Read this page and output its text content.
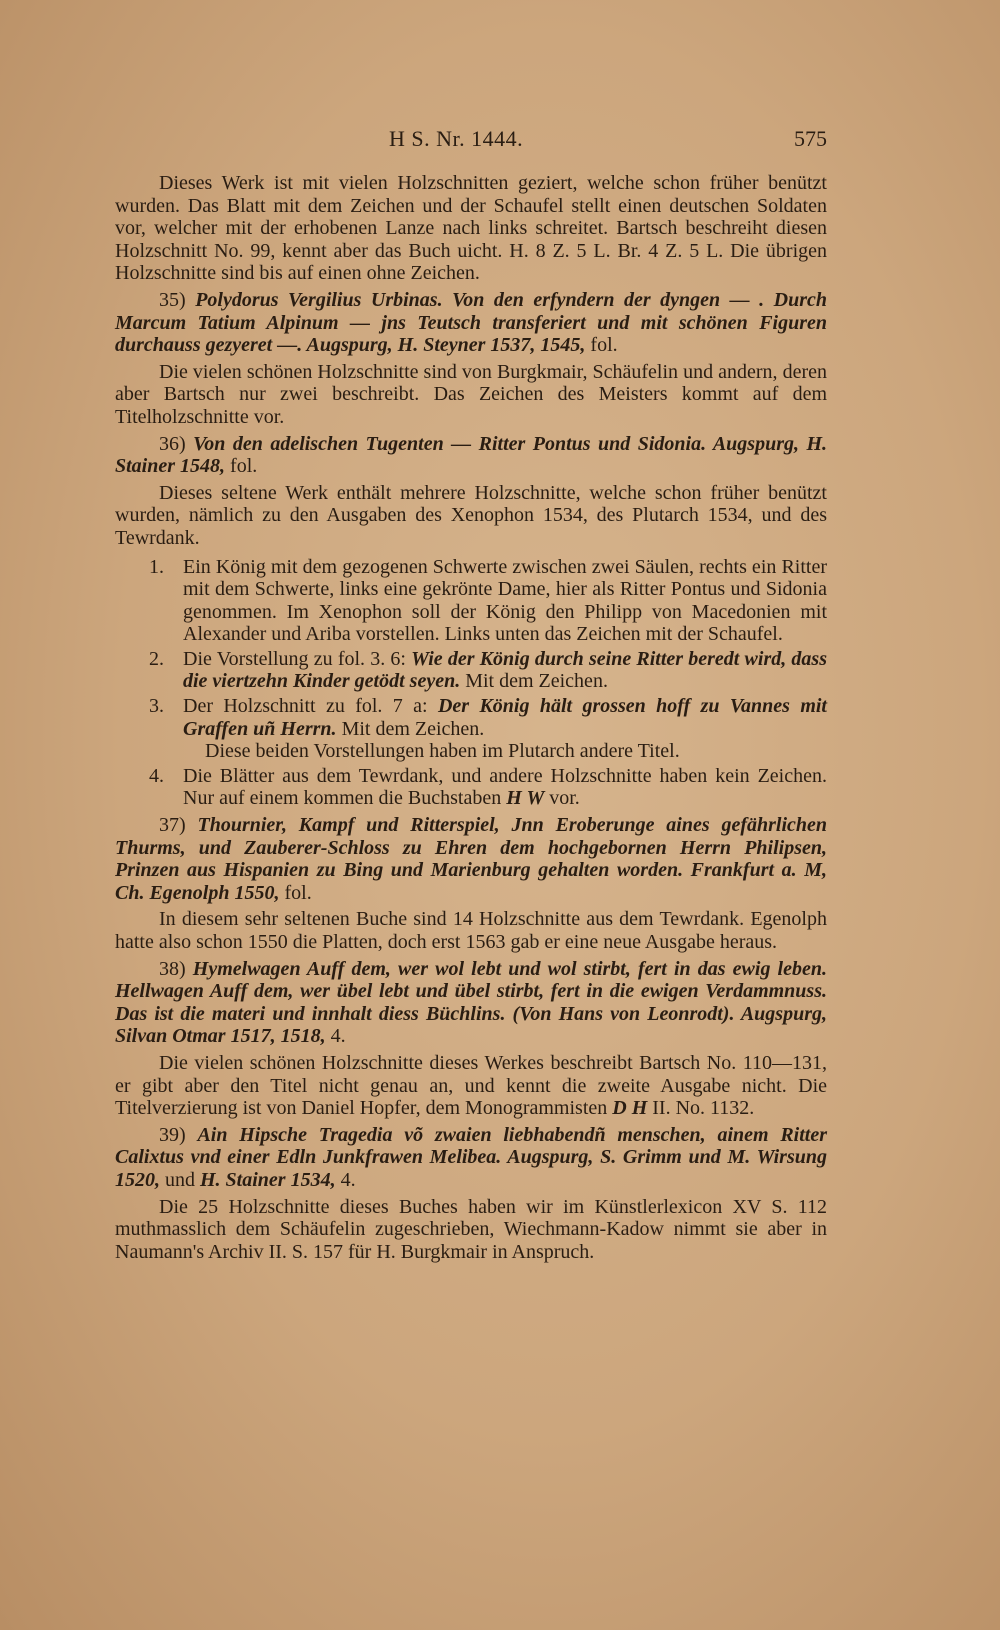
H S. Nr. 1444.	575

Dieses Werk ist mit vielen Holzschnitten geziert, welche schon früher benützt wurden. Das Blatt mit dem Zeichen und der Schaufel stellt einen deutschen Soldaten vor, welcher mit der erhobenen Lanze nach links schreitet. Bartsch beschreiht diesen Holzschnitt No. 99, kennt aber das Buch uicht. H. 8 Z. 5 L. Br. 4 Z. 5 L. Die übrigen Holzschnitte sind bis auf einen ohne Zeichen.

35) Polydorus Vergilius Urbinas. Von den erfyndern der dyngen — . Durch Marcum Tatium Alpinum — jns Teutsch transferiert und mit schönen Figuren durchauss gezyeret —. Augspurg, H. Steyner 1537, 1545, fol.

Die vielen schönen Holzschnitte sind von Burgkmair, Schäufelin und andern, deren aber Bartsch nur zwei beschreibt. Das Zeichen des Meisters kommt auf dem Titelholzschnitte vor.

36) Von den adelischen Tugenten — Ritter Pontus und Sidonia. Augspurg, H. Stainer 1548, fol.

Dieses seltene Werk enthält mehrere Holzschnitte, welche schon früher benützt wurden, nämlich zu den Ausgaben des Xenophon 1534, des Plutarch 1534, und des Tewrdank.

1. Ein König mit dem gezogenen Schwerte zwischen zwei Säulen, rechts ein Ritter mit dem Schwerte, links eine gekrönte Dame, hier als Ritter Pontus und Sidonia genommen. Im Xenophon soll der König den Philipp von Macedonien mit Alexander und Ariba vorstellen. Links unten das Zeichen mit der Schaufel.
2. Die Vorstellung zu fol. 3. 6: Wie der König durch seine Ritter beredt wird, dass die viertzehn Kinder getödt seyen. Mit dem Zeichen.
3. Der Holzschnitt zu fol. 7 a: Der König hält grossen hoff zu Vannes mit Graffen uñ Herrn. Mit dem Zeichen.
Diese beiden Vorstellungen haben im Plutarch andere Titel.
4. Die Blätter aus dem Tewrdank, und andere Holzschnitte haben kein Zeichen. Nur auf einem kommen die Buchstaben H W vor.

37) Thournier, Kampf und Ritterspiel, Jnn Eroberunge aines gefährlichen Thurms, und Zauberer-Schloss zu Ehren dem hochgebornen Herrn Philipsen, Prinzen aus Hispanien zu Bing und Marienburg gehalten worden. Frankfurt a. M, Ch. Egenolph 1550, fol.

In diesem sehr seltenen Buche sind 14 Holzschnitte aus dem Tewrdank. Egenolph hatte also schon 1550 die Platten, doch erst 1563 gab er eine neue Ausgabe heraus.

38) Hymelwagen Auff dem, wer wol lebt und wol stirbt, fert in das ewig leben. Hellwagen Auff dem, wer übel lebt und übel stirbt, fert in die ewigen Verdammnuss. Das ist die materi und innhalt diess Büchlins. (Von Hans von Leonrodt). Augspurg, Silvan Otmar 1517, 1518, 4.

Die vielen schönen Holzschnitte dieses Werkes beschreibt Bartsch No. 110—131, er gibt aber den Titel nicht genau an, und kennt die zweite Ausgabe nicht. Die Titelverzierung ist von Daniel Hopfer, dem Monogrammisten D H II. No. 1132.

39) Ain Hipsche Tragedia võ zwaien liebhabendñ menschen, ainem Ritter Calixtus vnd einer Edln Junkfrawen Melibea. Augspurg, S. Grimm und M. Wirsung 1520, und H. Stainer 1534, 4.

Die 25 Holzschnitte dieses Buches haben wir im Künstlerlexicon XV S. 112 muthmasslich dem Schäufelin zugeschrieben, Wiechmann-Kadow nimmt sie aber in Naumann's Archiv II. S. 157 für H. Burgkmair in Anspruch.
